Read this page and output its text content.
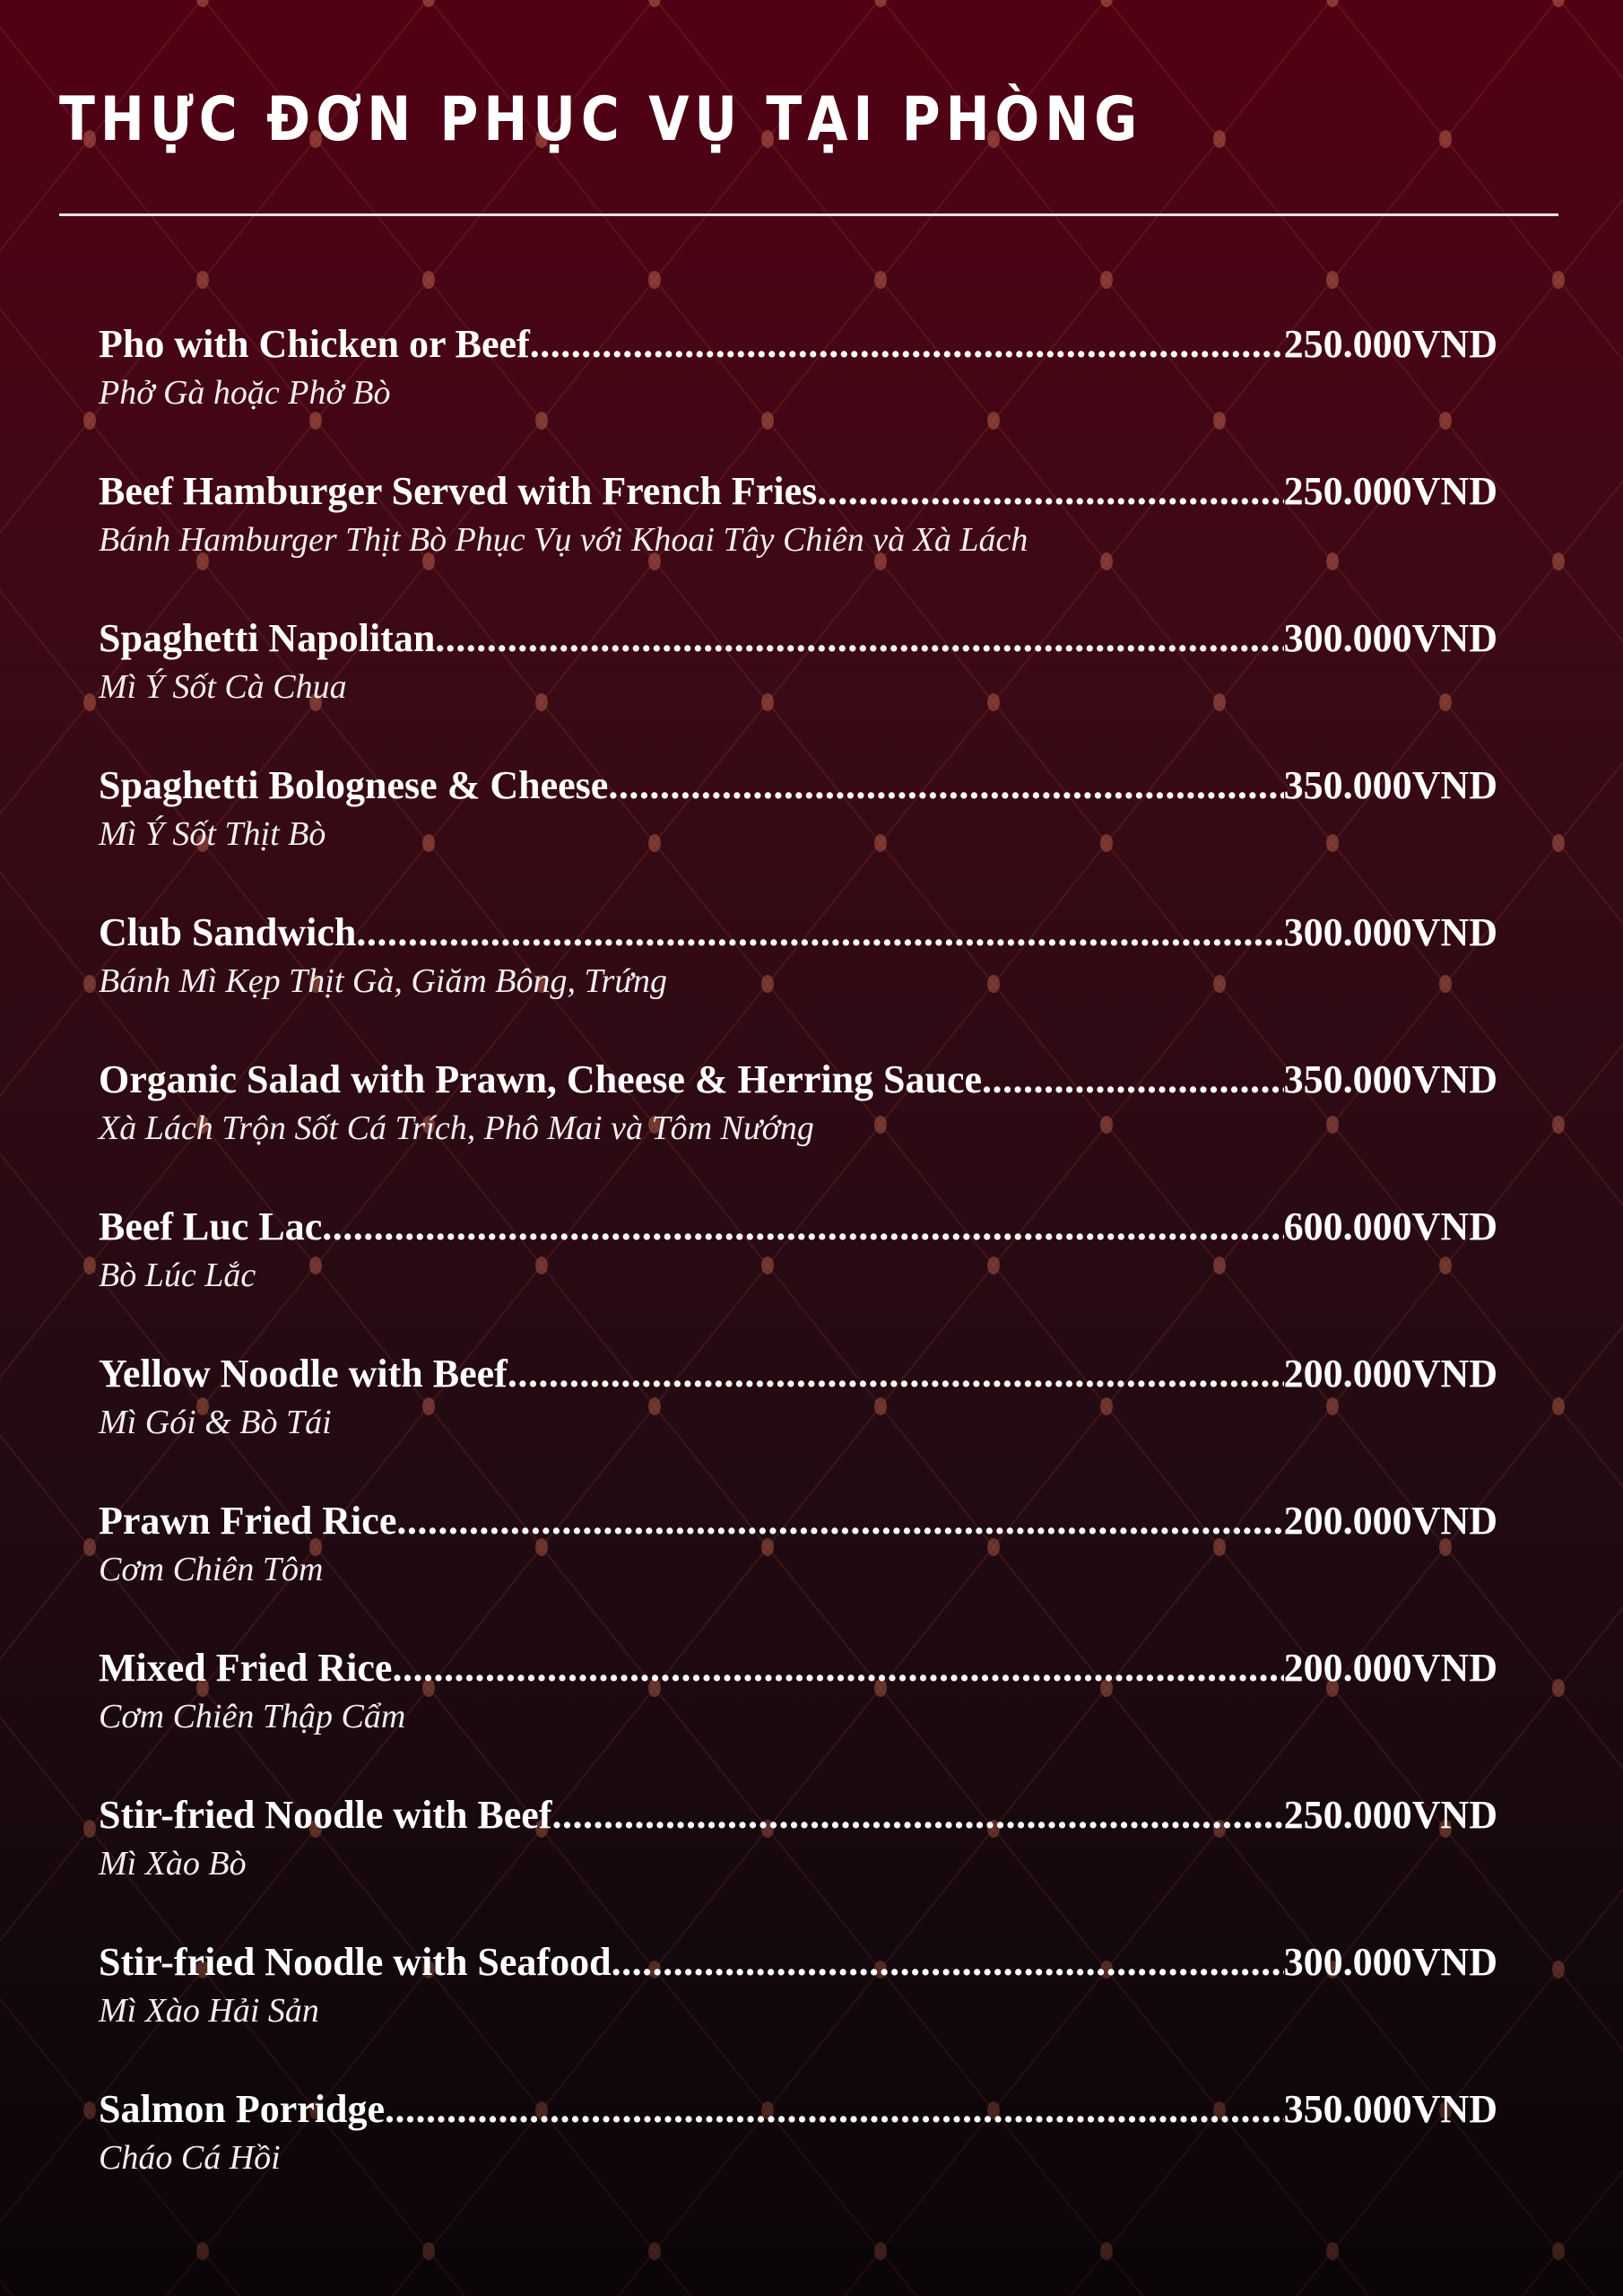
THỰC ĐƠN PHỤC VỤ TẠI PHÒNG
Pho with Chicken or Beef .....	250.000VND
Phở Gà hoặc Phở Bò
Beef Hamburger Served with French Fries .....	250.000VND
Bánh Hamburger Thịt Bò Phục Vụ với Khoai Tây Chiên và Xà Lách
Spaghetti Napolitan .....	300.000VND
Mì Ý Sốt Cà Chua
Spaghetti Bolognese & Cheese .....	350.000VND
Mì Ý Sốt Thịt Bò
Club Sandwich .....	300.000VND
Bánh Mì Kẹp Thịt Gà, Giăm Bông, Trứng
Organic Salad with Prawn, Cheese & Herring Sauce .....	350.000VND
Xà Lách Trộn Sốt Cá Trích, Phô Mai và Tôm Nướng
Beef Luc Lac .....	600.000VND
Bò Lúc Lắc
Yellow Noodle with Beef .....	200.000VND
Mì Gói & Bò Tái
Prawn Fried Rice .....	200.000VND
Cơm Chiên Tôm
Mixed Fried Rice .....	200.000VND
Cơm Chiên Thập Cẩm
Stir-fried Noodle with Beef .....	250.000VND
Mì Xào Bò
Stir-fried Noodle with Seafood .....	300.000VND
Mì Xào Hải Sản
Salmon Porridge .....	350.000VND
Cháo Cá Hồi
